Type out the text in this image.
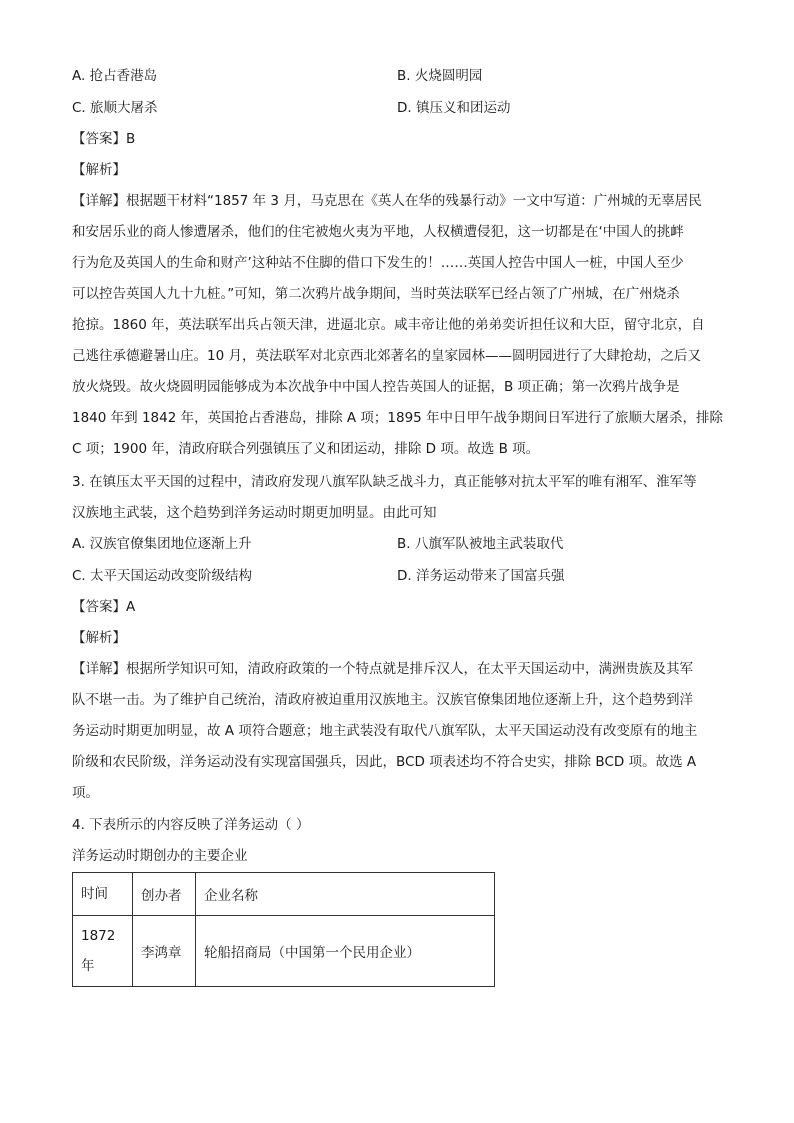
A. 抢占香港岛	B. 火烧圆明园
C. 旅顺大屠杀	D. 镇压义和团运动
【答案】B
【解析】
【详解】根据题干材料“1857 年 3 月，马克思在《英人在华的残暴行动》一文中写道：广州城的无辜居民
和安居乐业的商人惨遭屠杀，他们的住宅被炮火夷为平地，人权横遭侵犯，这一切都是在‘中国人的挑衅
行为危及英国人的生命和财产’这种站不住脚的借口下发生的！……英国人控告中国人一桩，中国人至少
可以控告英国人九十九桩。”可知，第二次鸦片战争期间，当时英法联军已经占领了广州城，在广州烧杀
抢掠。1860 年，英法联军出兵占领天津，进逼北京。咸丰帝让他的弟弟奕䜣担任议和大臣，留守北京，自
己逃往承德避暑山庄。10 月，英法联军对北京西北郊著名的皇家园林——圆明园进行了大肆抢劫，之后又
放火烧毁。故火烧圆明园能够成为本次战争中中国人控告英国人的证据，B 项正确；第一次鸦片战争是
1840 年到 1842 年，英国抢占香港岛，排除 A 项；1895 年中日甲午战争期间日军进行了旅顺大屠杀，排除
C 项；1900 年，清政府联合列强镇压了义和团运动，排除 D 项。故选 B 项。
3. 在镇压太平天国的过程中，清政府发现八旗军队缺乏战斗力，真正能够对抗太平军的唯有湘军、淮军等
汉族地主武装，这个趋势到洋务运动时期更加明显。由此可知
A. 汉族官僚集团地位逐渐上升	B. 八旗军队被地主武装取代
C. 太平天国运动改变阶级结构	D. 洋务运动带来了国富兵强
【答案】A
【解析】
【详解】根据所学知识可知，清政府政策的一个特点就是排斥汉人，在太平天国运动中，满洲贵族及其军
队不堪一击。为了维护自己统治，清政府被迫重用汉族地主。汉族官僚集团地位逐渐上升，这个趋势到洋
务运动时期更加明显，故 A 项符合题意；地主武装没有取代八旗军队，太平天国运动没有改变原有的地主
阶级和农民阶级，洋务运动没有实现富国强兵，因此，BCD 项表述均不符合史实，排除 BCD 项。故选 A
项。
4. 下表所示的内容反映了洋务运动（ ）
洋务运动时期创办的主要企业
时间	创办者	企业名称

1872
年	李鸿章	轮船招商局（中国第一个民用企业）
